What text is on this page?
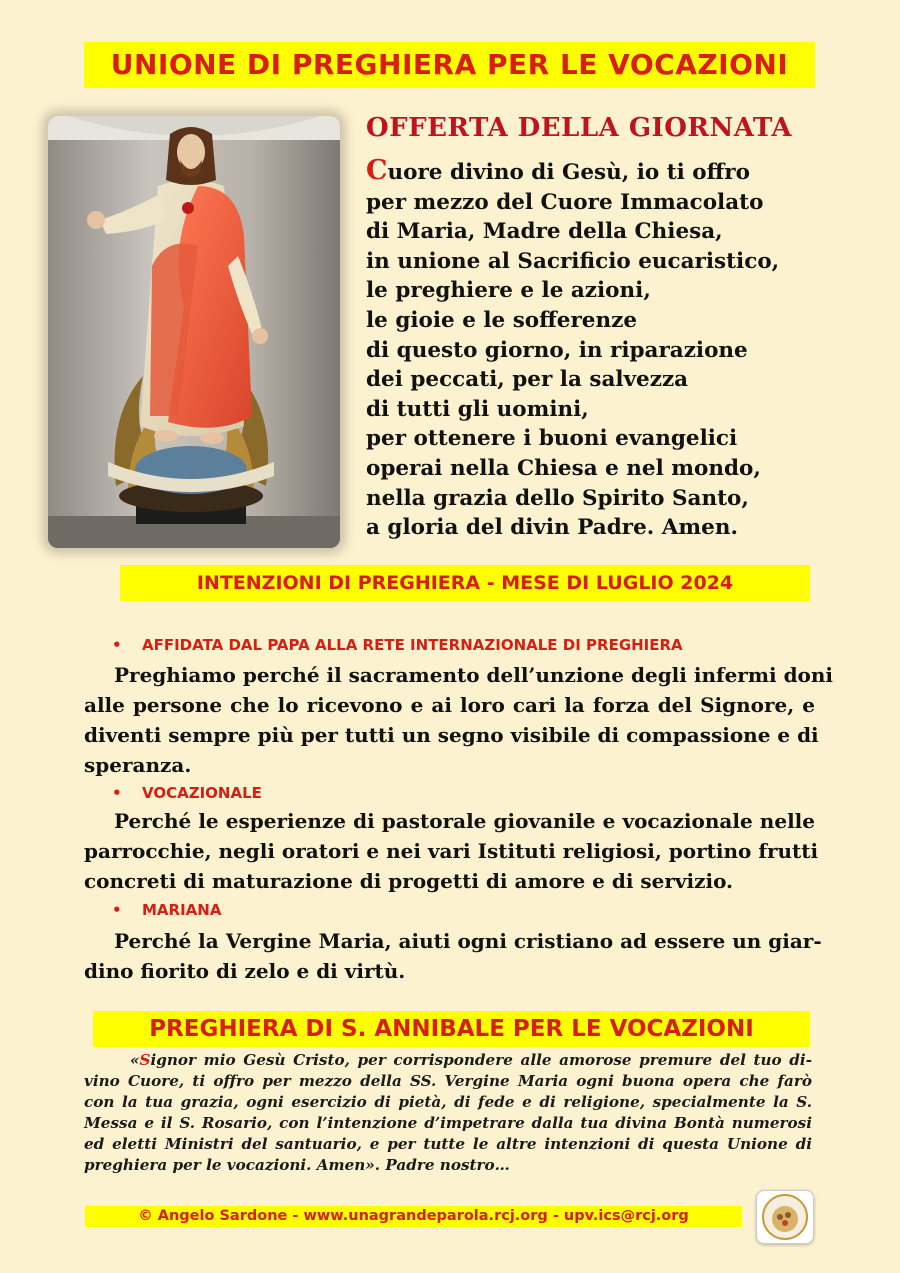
UNIONE DI PREGHIERA PER LE VOCAZIONI
OFFERTA DELLA GIORNATA
Cuore divino di Gesù, io ti offro
per mezzo del Cuore Immacolato
di Maria, Madre della Chiesa,
in unione al Sacrificio eucaristico,
le preghiere e le azioni,
le gioie e le sofferenze
di questo giorno, in riparazione
dei peccati, per la salvezza
di tutti gli uomini,
per ottenere i buoni evangelici
operai nella Chiesa e nel mondo,
nella grazia dello Spirito Santo,
a gloria del divin Padre. Amen.
INTENZIONI DI PREGHIERA - MESE DI LUGLIO 2024
• AFFIDATA DAL PAPA ALLA RETE INTERNAZIONALE DI PREGHIERA
Preghiamo perché il sacramento dell’unzione degli infermi doni
alle persone che lo ricevono e ai loro cari la forza del Signore, e
diventi sempre più per tutti un segno visibile di compassione e di
speranza.
• VOCAZIONALE
Perché le esperienze di pastorale giovanile e vocazionale nelle
parrocchie, negli oratori e nei vari Istituti religiosi, portino frutti
concreti di maturazione di progetti di amore e di servizio.
• MARIANA
Perché la Vergine Maria, aiuti ogni cristiano ad essere un giar-
dino fiorito di zelo e di virtù.
PREGHIERA DI S. ANNIBALE PER LE VOCAZIONI
«Signor mio Gesù Cristo, per corrispondere alle amorose premure del tuo di-
vino Cuore, ti offro per mezzo della SS. Vergine Maria ogni buona opera che farò
con la tua grazia, ogni esercizio di pietà, di fede e di religione, specialmente la S.
Messa e il S. Rosario, con l’intenzione d’impetrare dalla tua divina Bontà numerosi
ed eletti Ministri del santuario, e per tutte le altre intenzioni di questa Unione di
preghiera per le vocazioni. Amen». Padre nostro…
© Angelo Sardone - www.unagrandeparola.rcj.org - upv.ics@rcj.org
